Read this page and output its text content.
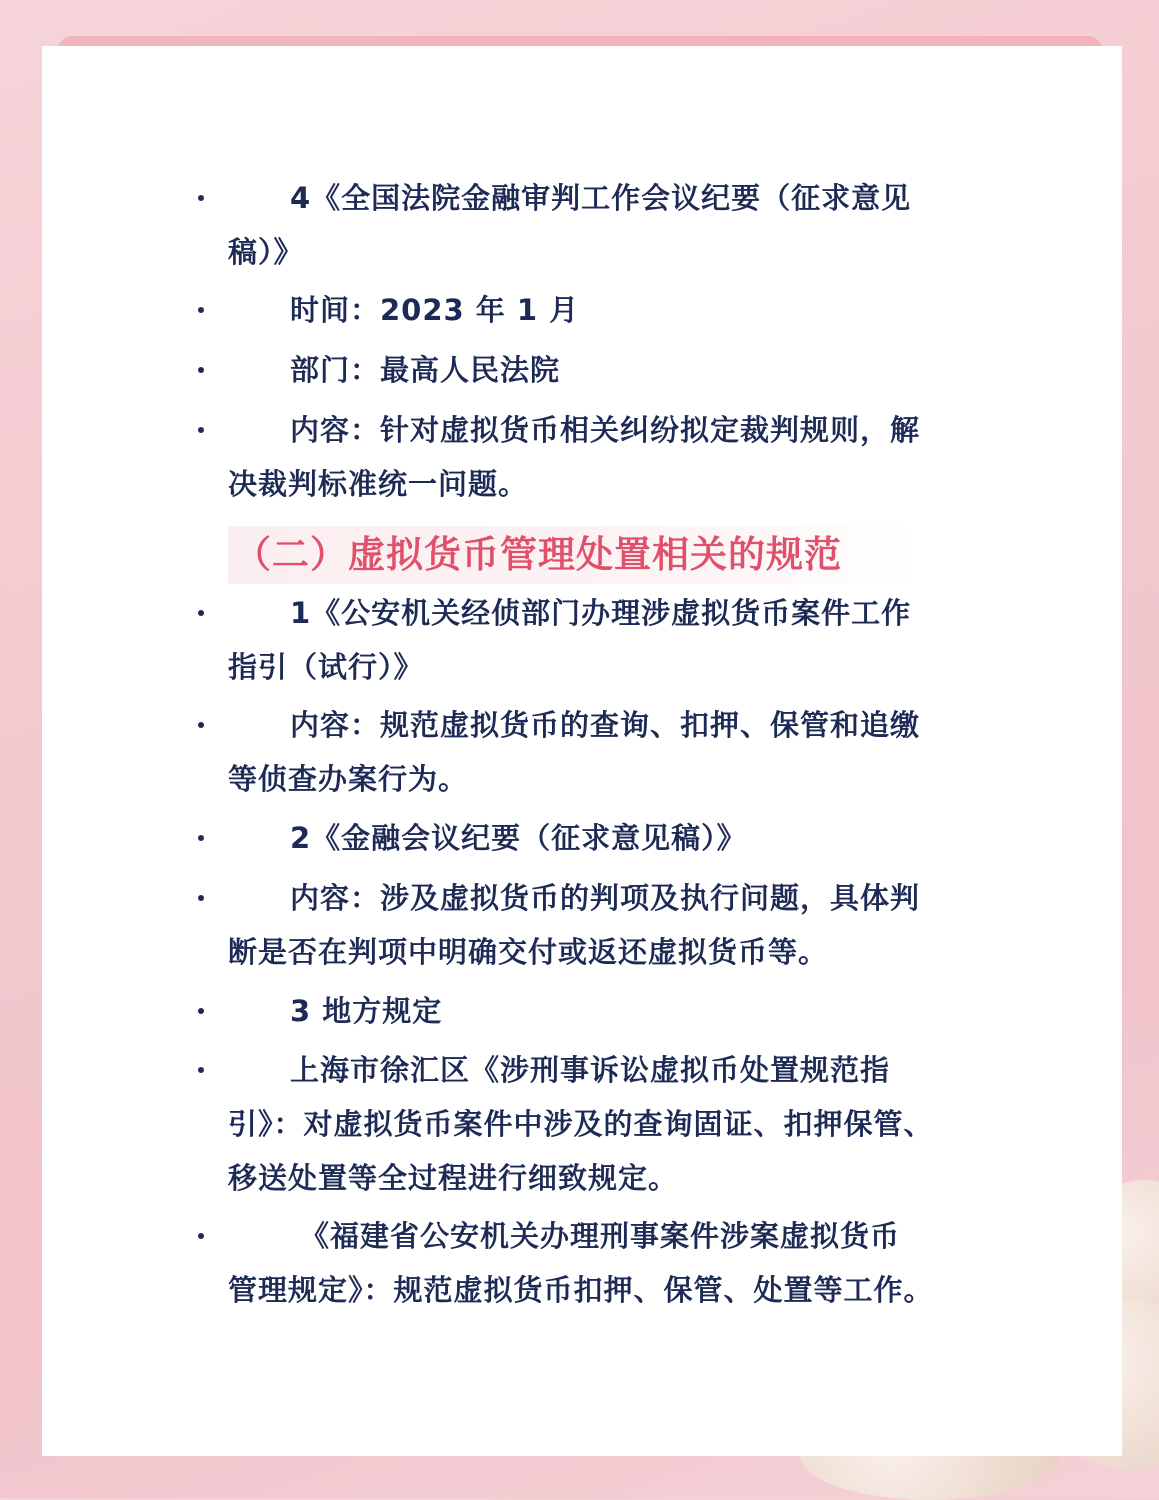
4《全国法院金融审判工作会议纪要（征求意见
稿）》
时间：2023 年 1 月
部门：最高人民法院
内容：针对虚拟货币相关纠纷拟定裁判规则，解
决裁判标准统一问题。
（二）虚拟货币管理处置相关的规范
1《公安机关经侦部门办理涉虚拟货币案件工作
指引（试行）》
内容：规范虚拟货币的查询、扣押、保管和追缴
等侦查办案行为。
2《金融会议纪要（征求意见稿）》
内容：涉及虚拟货币的判项及执行问题，具体判
断是否在判项中明确交付或返还虚拟货币等。
3 地方规定
上海市徐汇区《涉刑事诉讼虚拟币处置规范指
引》：对虚拟货币案件中涉及的查询固证、扣押保管、
移送处置等全过程进行细致规定。
《福建省公安机关办理刑事案件涉案虚拟货币
管理规定》：规范虚拟货币扣押、保管、处置等工作。
